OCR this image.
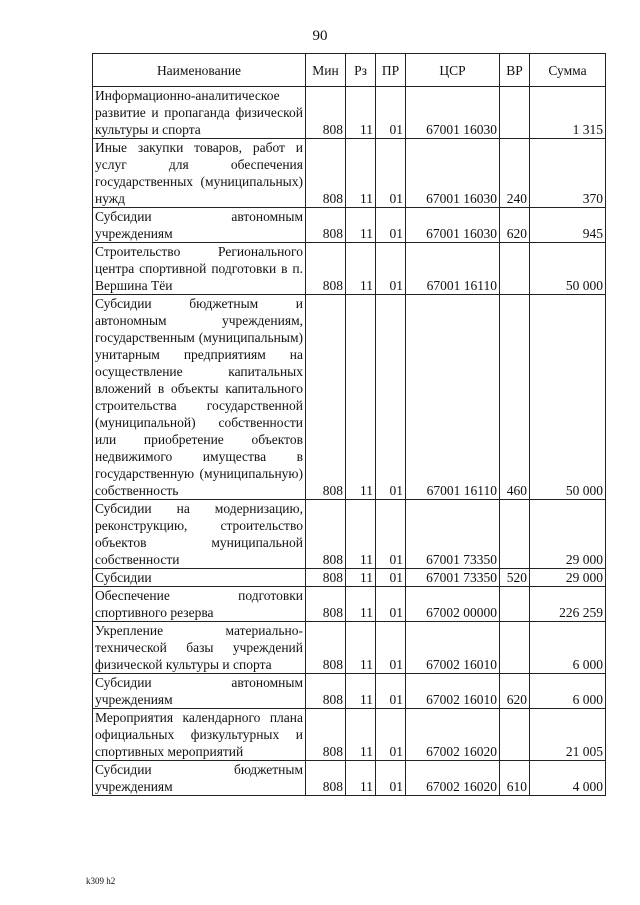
90
Наименование	Мин	Рз	ПР	ЦСР	ВР	Сумма
Информационно-аналитическое развитие и пропаганда физической культуры и спорта	808	11	01	67001 16030		1 315
Иные закупки товаров, работ и услуг для обеспечения государственных (муниципальных) нужд	808	11	01	67001 16030	240	370
Субсидии автономным учреждениям	808	11	01	67001 16030	620	945
Строительство Регионального центра спортивной подготовки в п. Вершина Тёи	808	11	01	67001 16110		50 000
Субсидии бюджетным и автономным учреждениям, государственным (муниципальным) унитарным предприятиям на осуществление капитальных вложений в объекты капитального строительства государственной (муниципальной) собственности или приобретение объектов недвижимого имущества в государственную (муниципальную) собственность	808	11	01	67001 16110	460	50 000
Субсидии на модернизацию, реконструкцию, строительство объектов муниципальной собственности	808	11	01	67001 73350		29 000
Субсидии	808	11	01	67001 73350	520	29 000
Обеспечение подготовки спортивного резерва	808	11	01	67002 00000		226 259
Укрепление материально-технической базы учреждений физической культуры и спорта	808	11	01	67002 16010		6 000
Субсидии автономным учреждениям	808	11	01	67002 16010	620	6 000
Мероприятия календарного плана официальных физкультурных и спортивных мероприятий	808	11	01	67002 16020		21 005
Субсидии бюджетным учреждениям	808	11	01	67002 16020	610	4 000
k309 h2
